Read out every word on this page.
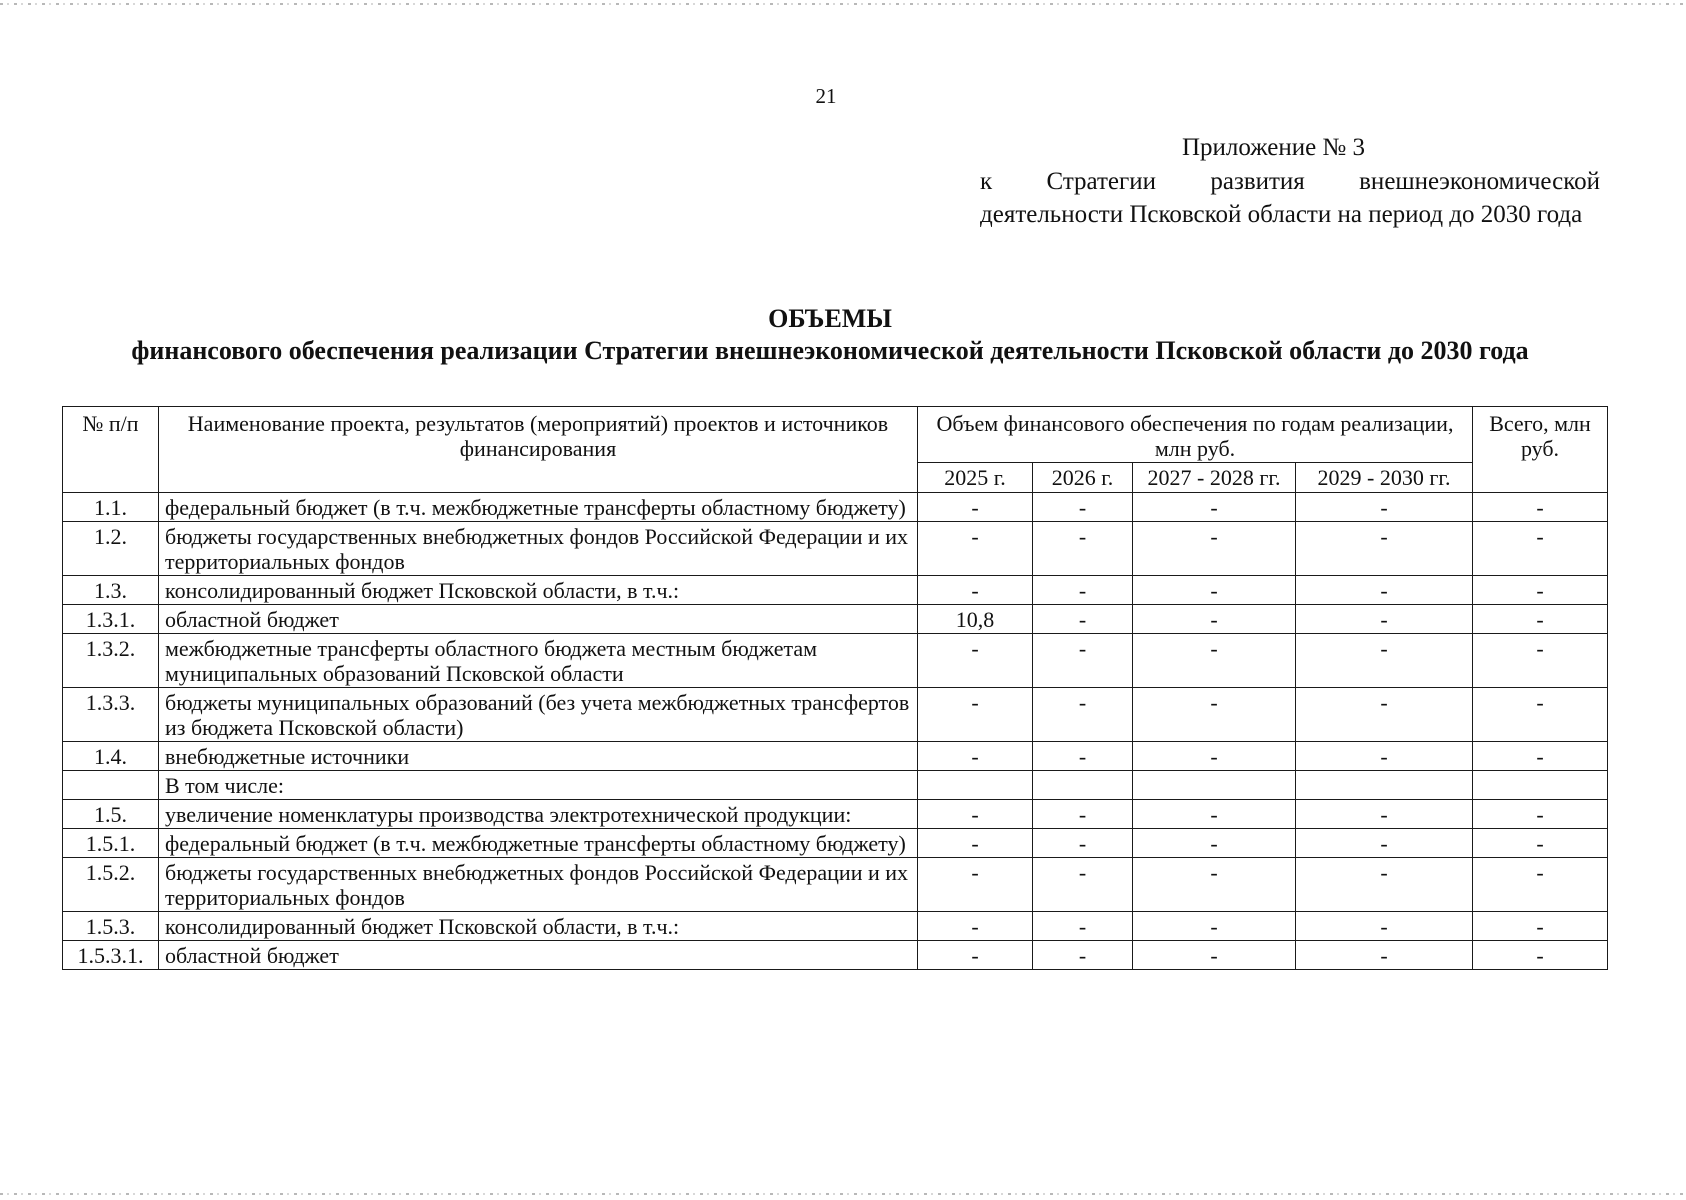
21
Приложение № 3
к Стратегии развития внешнеэкономической деятельности Псковской области на период до 2030 года
ОБЪЕМЫ
финансового обеспечения реализации Стратегии внешнеэкономической деятельности Псковской области до 2030 года
№ п/п	Наименование проекта, результатов (мероприятий) проектов и источников финансирования	Объем финансового обеспечения по годам реализации, млн руб.				Всего, млн руб.
		2025 г.	2026 г.	2027 - 2028 гг.	2029 - 2030 гг.	
1.1.	федеральный бюджет (в т.ч. межбюджетные трансферты областному бюджету)	-	-	-	-	-
1.2.	бюджеты государственных внебюджетных фондов Российской Федерации и их территориальных фондов	-	-	-	-	-
1.3.	консолидированный бюджет Псковской области, в т.ч.:	-	-	-	-	-
1.3.1.	областной бюджет	10,8	-	-	-	-
1.3.2.	межбюджетные трансферты областного бюджета местным бюджетам муниципальных образований Псковской области	-	-	-	-	-
1.3.3.	бюджеты муниципальных образований (без учета межбюджетных трансфертов из бюджета Псковской области)	-	-	-	-	-
1.4.	внебюджетные источники	-	-	-	-	-
	В том числе:					
1.5.	увеличение номенклатуры производства электротехнической продукции:	-	-	-	-	-
1.5.1.	федеральный бюджет (в т.ч. межбюджетные трансферты областному бюджету)	-	-	-	-	-
1.5.2.	бюджеты государственных внебюджетных фондов Российской Федерации и их территориальных фондов	-	-	-	-	-
1.5.3.	консолидированный бюджет Псковской области, в т.ч.:	-	-	-	-	-
1.5.3.1.	областной бюджет	-	-	-	-	-
